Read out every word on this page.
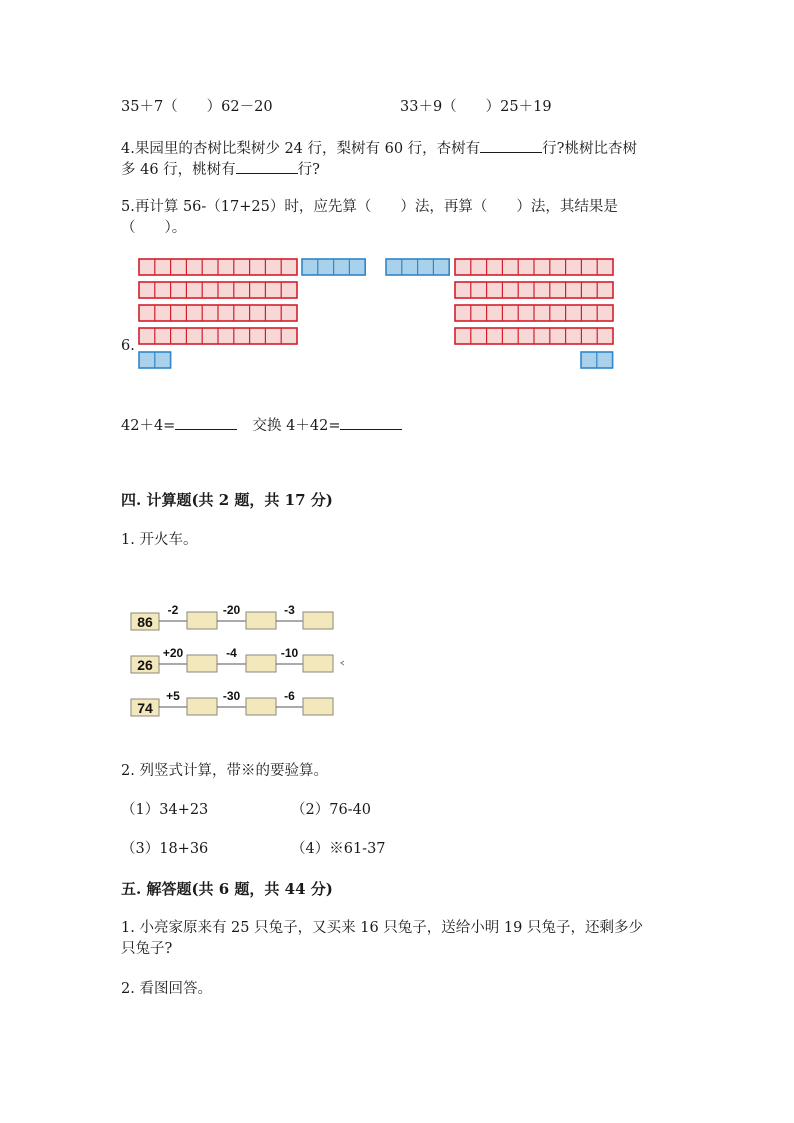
35＋7（　　）62－20	33＋9（　　）25＋19
4.果园里的杏树比梨树少 24 行，梨树有 60 行，杏树有	行?桃树比杏树
多 46 行，桃树有	行?
5.再计算 56-（17+25）时，应先算（　　）法，再算（　　）法，其结果是
（　　）。
6.
42＋4=	交换 4＋42=
四. 计算题(共 2 题，共 17 分)
1. 开火车。
86
-2	-20	-3
26
+20	-4	-10
74
+5	-30	-6
2. 列竖式计算，带※的要验算。
（1）34+23	（2）76-40
（3）18+36	（4）※61-37
五. 解答题(共 6 题，共 44 分)
1. 小亮家原来有 25 只兔子，又买来 16 只兔子，送给小明 19 只兔子，还剩多少
只兔子?
2. 看图回答。
